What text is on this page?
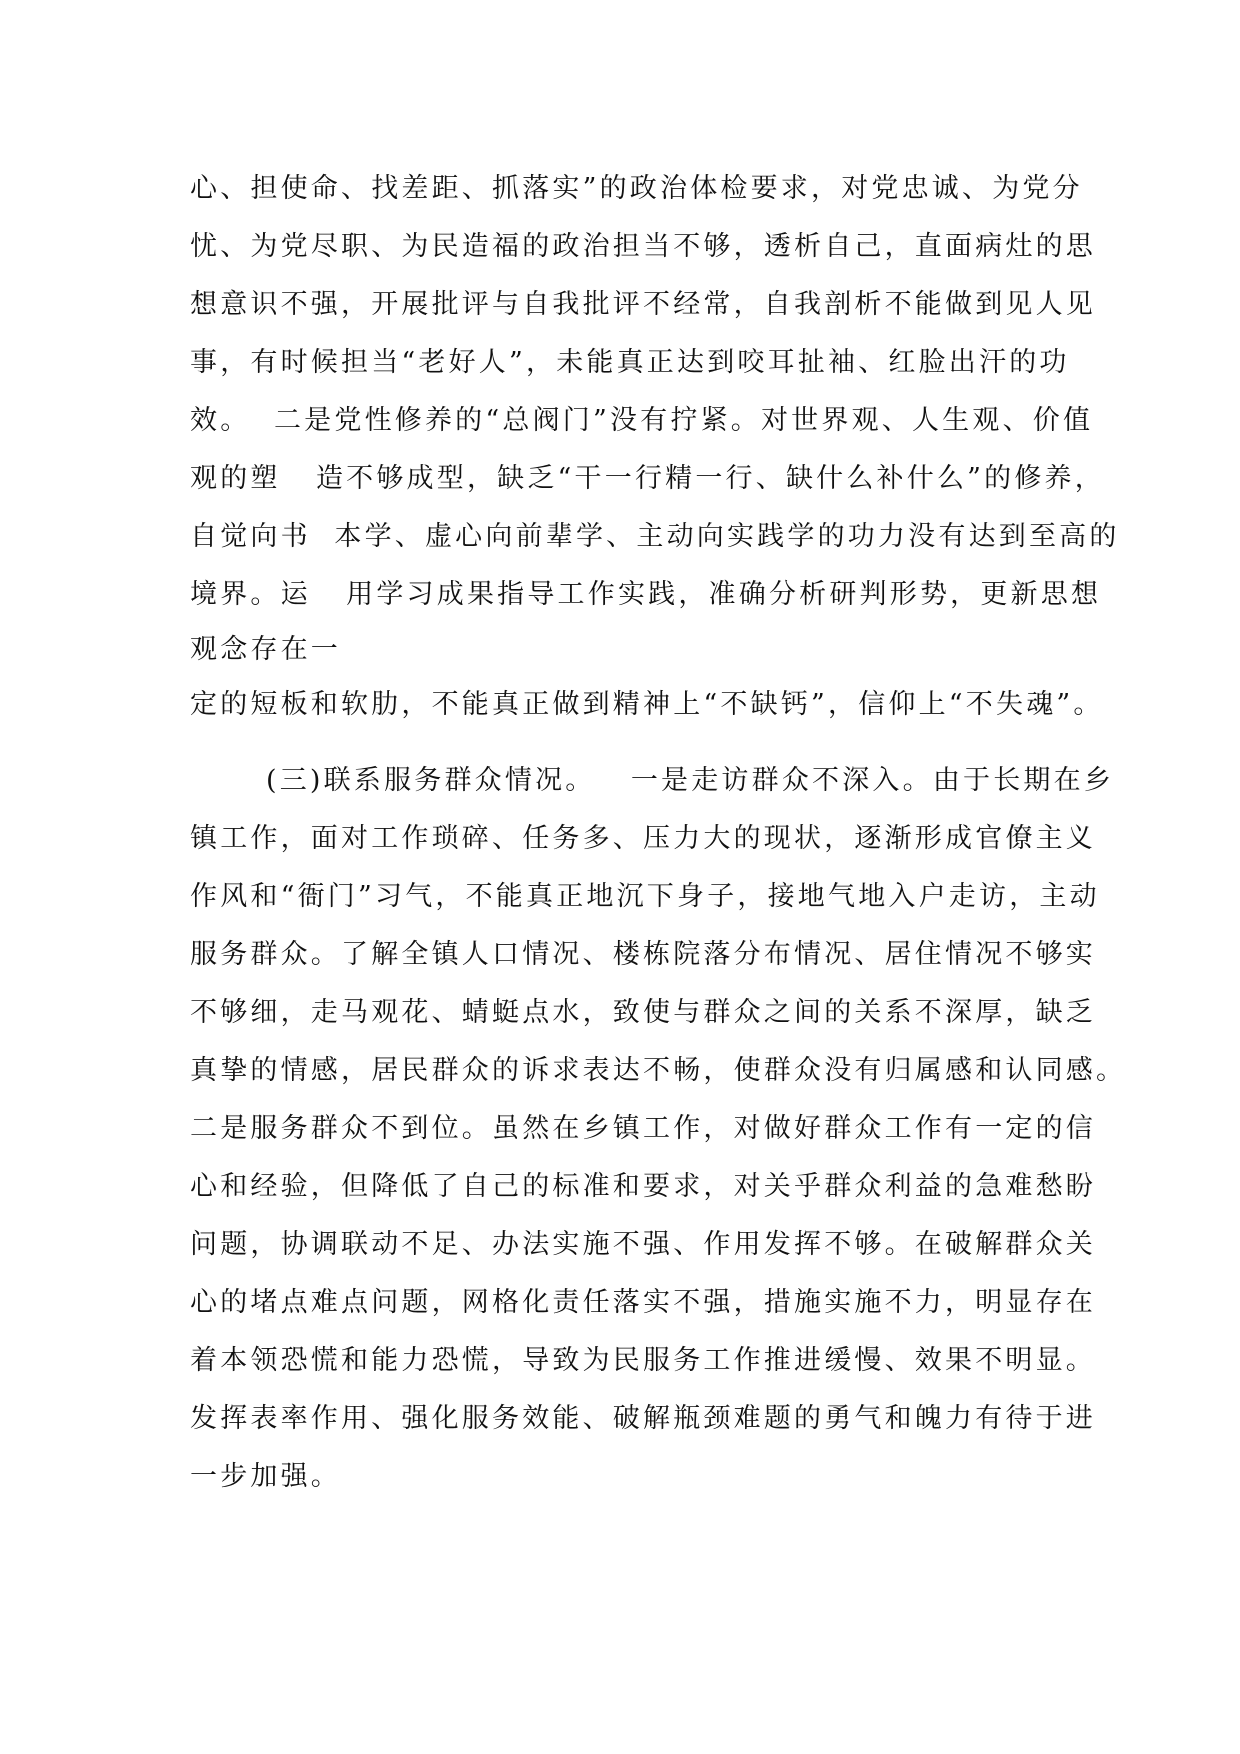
心、担使命、找差距、抓落实”的政治体检要求，对党忠诚、为党分
忧、为党尽职、为民造福的政治担当不够，透析自己，直面病灶的思
想意识不强，开展批评与自我批评不经常，自我剖析不能做到见人见
事，有时候担当“老好人”，未能真正达到咬耳扯袖、红脸出汗的功
效。  二是党性修养的“总阀门”没有拧紧。对世界观、人生观、价值
观的塑   造不够成型，缺乏“干一行精一行、缺什么补什么”的修养，
自觉向书  本学、虚心向前辈学、主动向实践学的功力没有达到至高的
境界。运   用学习成果指导工作实践，准确分析研判形势，更新思想
观念存在一
定的短板和软肋，不能真正做到精神上“不缺钙”，信仰上“不失魂”。
(三)联系服务群众情况。   一是走访群众不深入。由于长期在乡
镇工作，面对工作琐碎、任务多、压力大的现状，逐渐形成官僚主义
作风和“衙门”习气，不能真正地沉下身子，接地气地入户走访，主动
服务群众。了解全镇人口情况、楼栋院落分布情况、居住情况不够实
不够细，走马观花、蜻蜓点水，致使与群众之间的关系不深厚，缺乏
真挚的情感，居民群众的诉求表达不畅，使群众没有归属感和认同感。
二是服务群众不到位。虽然在乡镇工作，对做好群众工作有一定的信
心和经验，但降低了自己的标准和要求，对关乎群众利益的急难愁盼
问题，协调联动不足、办法实施不强、作用发挥不够。在破解群众关
心的堵点难点问题，网格化责任落实不强，措施实施不力，明显存在
着本领恐慌和能力恐慌，导致为民服务工作推进缓慢、效果不明显。
发挥表率作用、强化服务效能、破解瓶颈难题的勇气和魄力有待于进
一步加强。
